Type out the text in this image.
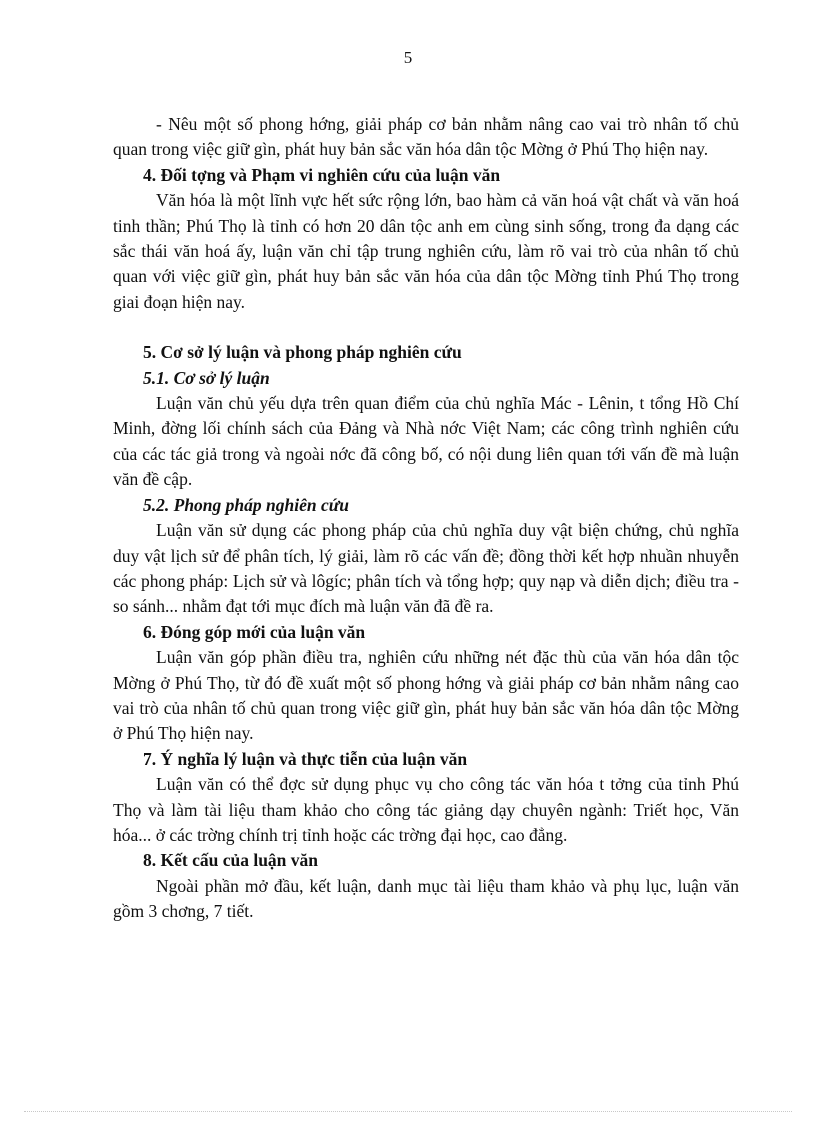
5

- Nêu một số phong hớng, giải pháp cơ bản nhằm nâng cao vai trò nhân tố chủ quan trong việc giữ gìn, phát huy bản sắc văn hóa dân tộc Mờng ở Phú Thọ hiện nay.

4. Đối tợng và Phạm vi nghiên cứu của luận văn

Văn hóa là một lĩnh vực hết sức rộng lớn, bao hàm cả văn hoá vật chất và văn hoá tinh thần; Phú Thọ là tỉnh có hơn 20 dân tộc anh em cùng sinh sống, trong đa dạng các sắc thái văn hoá ấy, luận văn chỉ tập trung nghiên cứu, làm rõ vai trò của nhân tố chủ quan với việc giữ gìn, phát huy bản sắc văn hóa của dân tộc Mờng tỉnh Phú Thọ trong giai đoạn hiện nay.

5. Cơ sở lý luận và phong pháp nghiên cứu

5.1. Cơ sở lý luận

Luận văn chủ yếu dựa trên quan điểm của chủ nghĩa Mác - Lênin, t tổng Hồ Chí Minh, đờng lối chính sách của Đảng và Nhà nớc Việt Nam; các công trình nghiên cứu của các tác giả trong và ngoài nớc đã công bố, có nội dung liên quan tới vấn đề mà luận văn đề cập.

5.2. Phong pháp nghiên cứu

Luận văn sử dụng các phong pháp của chủ nghĩa duy vật biện chứng, chủ nghĩa duy vật lịch sử để phân tích, lý giải, làm rõ các vấn đề; đồng thời kết hợp nhuần nhuyễn các phong pháp: Lịch sử và lôgíc; phân tích và tổng hợp; quy nạp và diễn dịch; điều tra - so sánh... nhằm đạt tới mục đích mà luận văn đã đề ra.

6. Đóng góp mới của luận văn

Luận văn góp phần điều tra, nghiên cứu những nét đặc thù của văn hóa dân tộc Mờng ở Phú Thọ, từ đó đề xuất một số phong hớng và giải pháp cơ bản nhằm nâng cao vai trò của nhân tố chủ quan trong việc giữ gìn, phát huy bản sắc văn hóa dân tộc Mờng ở Phú Thọ hiện nay.

7. Ý nghĩa lý luận và thực tiễn của luận văn

Luận văn có thể đợc sử dụng phục vụ cho công tác văn hóa t tởng của tỉnh Phú Thọ và làm tài liệu tham khảo cho công tác giảng dạy chuyên ngành: Triết học, Văn hóa... ở các trờng chính trị tỉnh hoặc các trờng đại học, cao đẳng.

8. Kết cấu của luận văn

Ngoài phần mở đầu, kết luận, danh mục tài liệu tham khảo và phụ lục, luận văn gồm 3 chơng, 7 tiết.
